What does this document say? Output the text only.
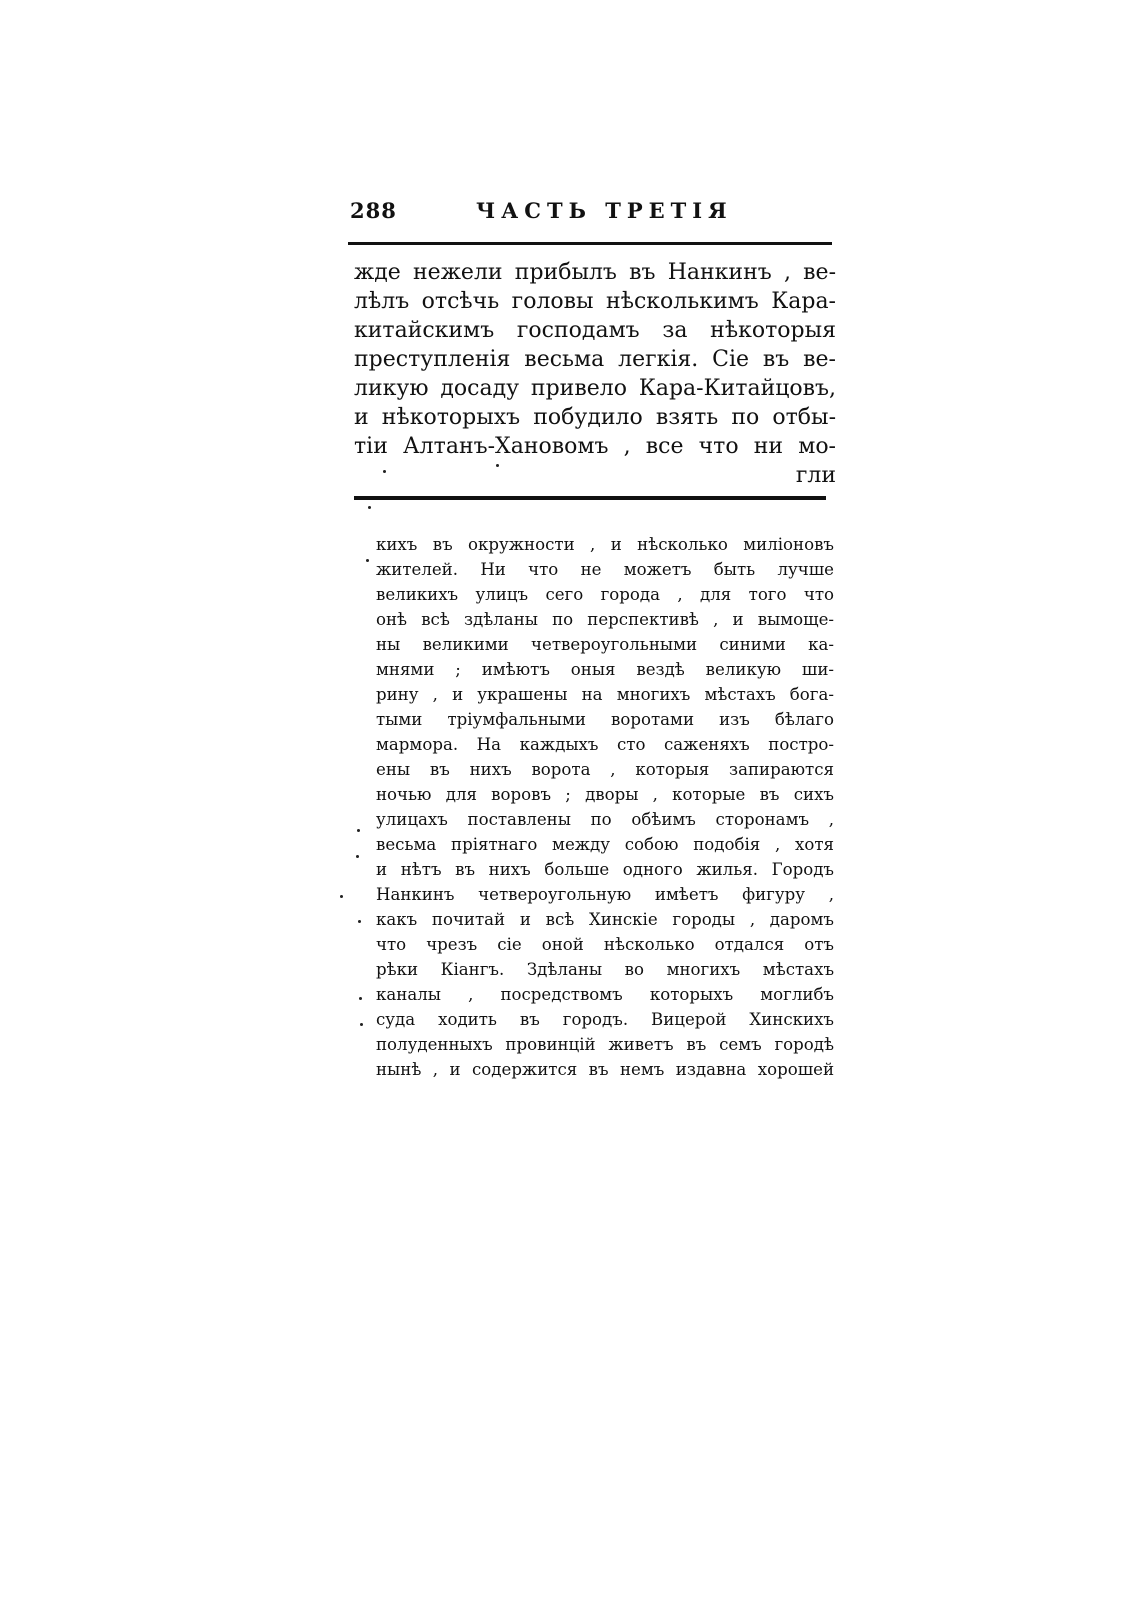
288	ЧАСТЬ ТРЕТІЯ
жде нежели прибылъ въ Нанкинъ , ве-
лѣлъ отсѣчь головы нѣсколькимъ Кара-
китайскимъ господамъ за нѣкоторыя
преступленія весьма легкія. Сіе въ ве-
ликую досаду привело Кара-Китайцовъ,
и нѣкоторыхъ побудило взять по отбы-
тіи Алтанъ-Хановомъ , все что ни мо-
гли
кихъ въ окружности , и нѣсколько миліоновъ
жителей. Ни что не можетъ быть лучше
великихъ улицъ сего города , для того что
онѣ всѣ здѣланы по перспективѣ , и вымоще-
ны великими четвероугольными синими ка-
мнями ; имѣютъ оныя вездѣ великую ши-
рину , и украшены на многихъ мѣстахъ бога-
тыми тріумфальными воротами изъ бѣлаго
мармора. На каждыхъ сто саженяхъ постро-
ены въ нихъ ворота , которыя запираются
ночью для воровъ ; дворы , которые въ сихъ
улицахъ поставлены по обѣимъ сторонамъ ,
весьма пріятнаго между собою подобія , хотя
и нѣтъ въ нихъ больше одного жилья. Городъ
Нанкинъ четвероугольную имѣетъ фигуру ,
какъ почитай и всѣ Хинскіе городы , даромъ
что чрезъ сіе оной нѣсколько отдался отъ
рѣки Кіангъ. Здѣланы во многихъ мѣстахъ
каналы , посредствомъ которыхъ моглибъ
суда ходить въ городъ. Вицерой Хинскихъ
полуденныхъ провинцій живетъ въ семъ городѣ
нынѣ , и содержится въ немъ издавна хорошей
